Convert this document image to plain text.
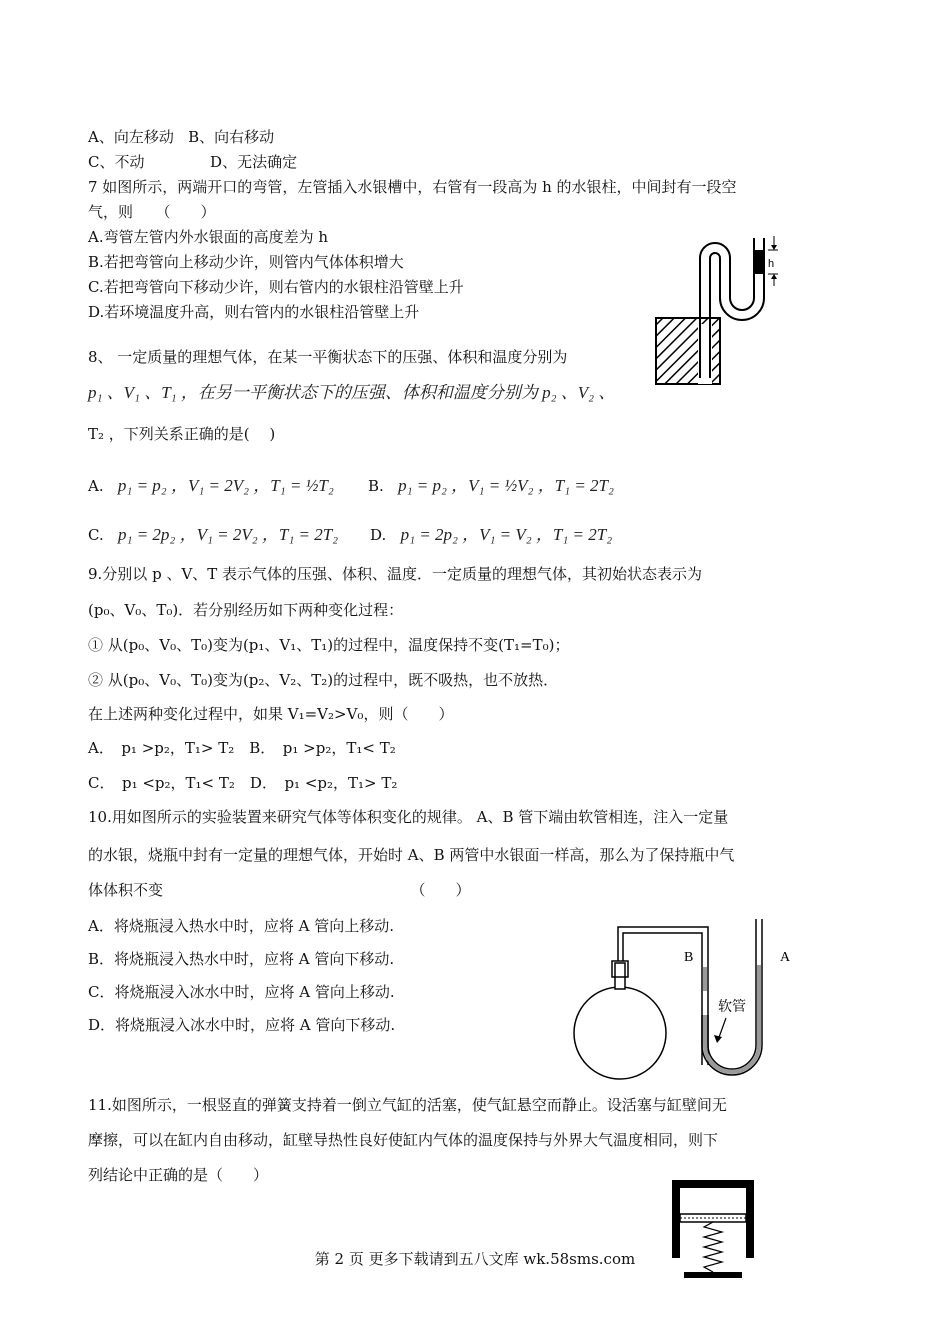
A、向左移动 B、向右移动
C、不动	D、无法确定
7 如图所示，两端开口的弯管，左管插入水银槽中，右管有一段高为 h 的水银柱，中间封有一段空
气，则　　（　　）
A.弯管左管内外水银面的高度差为 h
B.若把弯管向上移动少许，则管内气体体积增大
C.若把弯管向下移动少许，则右管内的水银柱沿管壁上升
D.若环境温度升高，则右管内的水银柱沿管壁上升
h
8、 一定质量的理想气体，在某一平衡状态下的压强、体积和温度分别为
p₁ 、V₁ 、T₁ ，在另一平衡状态下的压强、体积和温度分别为 p₂ 、V₂ 、
T₂ ，下列关系正确的是(　 )
A. p₁ = p₂ ，V₁ = 2V₂ ，T₁ = ½T₂ B. p₁ = p₂ ，V₁ = ½V₂ ，T₁ = 2T₂
C. p₁ = 2p₂ ，V₁ = 2V₂ ，T₁ = 2T₂ D. p₁ = 2p₂ ，V₁ = V₂ ，T₁ = 2T₂
9.分别以 p 、V、T 表示气体的压强、体积、温度．一定质量的理想气体，其初始状态表示为
(p₀、V₀、T₀)．若分别经历如下两种变化过程：
① 从(p₀、V₀、T₀)变为(p₁、V₁、T₁)的过程中，温度保持不变(T₁=T₀)；
② 从(p₀、V₀、T₀)变为(p₂、V₂、T₂)的过程中，既不吸热，也不放热．
在上述两种变化过程中，如果 V₁=V₂>V₀，则（　　）
A．　p₁ >p₂，T₁> T₂　B．　p₁ >p₂，T₁< T₂
C．　p₁ <p₂，T₁< T₂　D．　p₁ <p₂，T₁> T₂
10.用如图所示的实验装置来研究气体等体积变化的规律。 A、B 管下端由软管相连，注入一定量
的水银，烧瓶中封有一定量的理想气体，开始时 A、B 两管中水银面一样高，那么为了保持瓶中气
体体积不变　　　　　　　　　　　　　　　　　（　　）
A．将烧瓶浸入热水中时，应将 A 管向上移动.
B．将烧瓶浸入热水中时，应将 A 管向下移动.
C．将烧瓶浸入冰水中时，应将 A 管向上移动.
D．将烧瓶浸入冰水中时，应将 A 管向下移动.
B	A
软管
11.如图所示，一根竖直的弹簧支持着一倒立气缸的活塞，使气缸悬空而静止。设活塞与缸壁间无
摩擦，可以在缸内自由移动，缸壁导热性良好使缸内气体的温度保持与外界大气温度相同，则下
列结论中正确的是（　　）
第 2 页 更多下载请到五八文库 wk.58sms.com
